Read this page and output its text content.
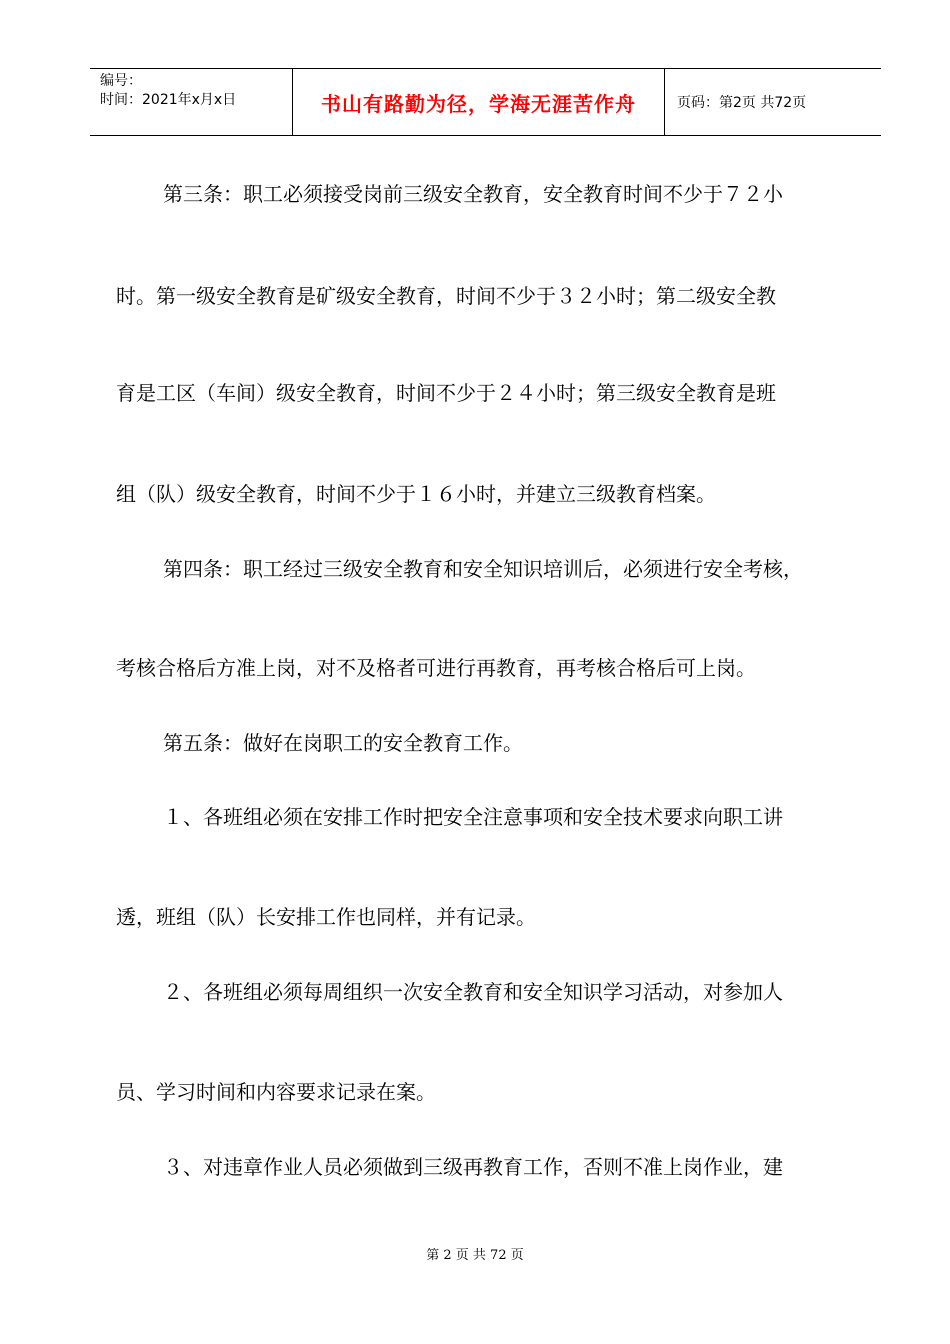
编号：
时间：2021年x月x日	书山有路勤为径，学海无涯苦作舟	页码：第2页 共72页
第三条：职工必须接受岗前三级安全教育，安全教育时间不少于７２小
时。第一级安全教育是矿级安全教育，时间不少于３２小时；第二级安全教
育是工区（车间）级安全教育，时间不少于２４小时；第三级安全教育是班
组（队）级安全教育，时间不少于１６小时，并建立三级教育档案。
第四条：职工经过三级安全教育和安全知识培训后，必须进行安全考核，
考核合格后方准上岗，对不及格者可进行再教育，再考核合格后可上岗。
第五条：做好在岗职工的安全教育工作。
１、各班组必须在安排工作时把安全注意事项和安全技术要求向职工讲
透，班组（队）长安排工作也同样，并有记录。
２、各班组必须每周组织一次安全教育和安全知识学习活动，对参加人
员、学习时间和内容要求记录在案。
３、对违章作业人员必须做到三级再教育工作，否则不准上岗作业，建
第 2 页 共 72 页
